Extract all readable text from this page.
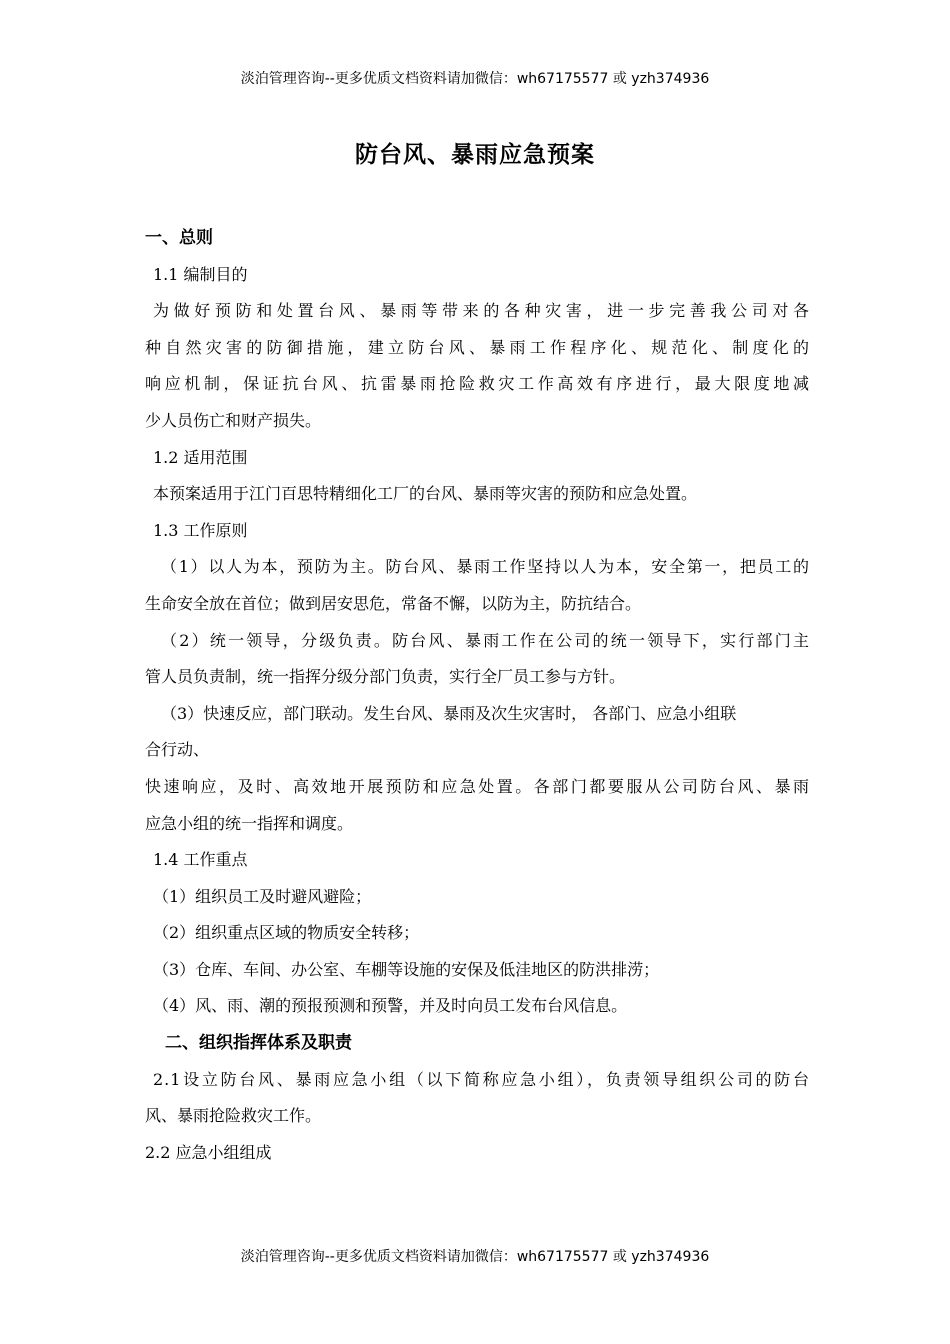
淡泊管理咨询--更多优质文档资料请加微信：wh67175577 或 yzh374936
防台风、暴雨应急预案
一、总则
1.1 编制目的
为做好预防和处置台风、暴雨等带来的各种灾害，进一步完善我公司对各
种自然灾害的防御措施，建立防台风、暴雨工作程序化、规范化、制度化的
响应机制，保证抗台风、抗雷暴雨抢险救灾工作高效有序进行，最大限度地减
少人员伤亡和财产损失。
1.2 适用范围
本预案适用于江门百思特精细化工厂的台风、暴雨等灾害的预防和应急处置。
1.3 工作原则
（1）以人为本，预防为主。防台风、暴雨工作坚持以人为本，安全第一，把员工的
生命安全放在首位；做到居安思危，常备不懈，以防为主，防抗结合。
（2）统一领导，分级负责。防台风、暴雨工作在公司的统一领导下，实行部门主
管人员负责制，统一指挥分级分部门负责，实行全厂员工参与方针。
（3）快速反应，部门联动。发生台风、暴雨及次生灾害时， 各部门、应急小组联
合行动、
快速响应，及时、高效地开展预防和应急处置。各部门都要服从公司防台风、暴雨
应急小组的统一指挥和调度。
1.4 工作重点
（1）组织员工及时避风避险；
（2）组织重点区域的物质安全转移；
（3）仓库、车间、办公室、车棚等设施的安保及低洼地区的防洪排涝；
（4）风、雨、潮的预报预测和预警，并及时向员工发布台风信息。
二、组织指挥体系及职责
2.1设立防台风、暴雨应急小组（以下简称应急小组），负责领导组织公司的防台
风、暴雨抢险救灾工作。
2.2 应急小组组成
淡泊管理咨询--更多优质文档资料请加微信：wh67175577 或 yzh374936
